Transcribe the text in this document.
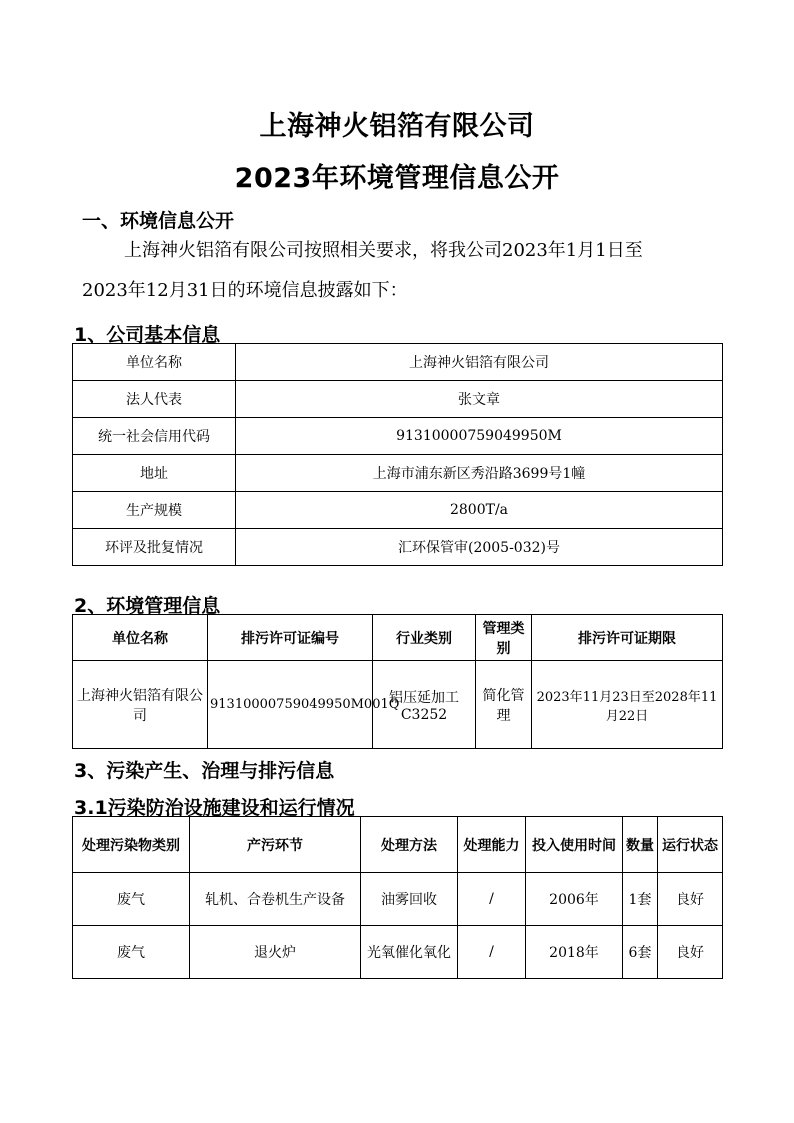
上海神火铝箔有限公司
2023年环境管理信息公开
一、环境信息公开
上海神火铝箔有限公司按照相关要求，将我公司2023年1月1日至
2023年12月31日的环境信息披露如下：
1、公司基本信息
单位名称	上海神火铝箔有限公司
法人代表	张文章
统一社会信用代码	91310000759049950M
地址	上海市浦东新区秀沿路3699号1幢
生产规模	2800T/a
环评及批复情况	汇环保管审(2005-032)号
2、环境管理信息
单位名称	排污许可证编号	行业类别	管理类别	排污许可证期限
上海神火铝箔有限公司	91310000759049950M001Q	铝压延加工C3252	简化管理	2023年11月23日至2028年11月22日
3、污染产生、治理与排污信息
3.1污染防治设施建设和运行情况
处理污染物类别	产污环节	处理方法	处理能力	投入使用时间	数量	运行状态
废气	轧机、合卷机生产设备	油雾回收	/	2006年	1套	良好
废气	退火炉	光氧催化氧化	/	2018年	6套	良好
